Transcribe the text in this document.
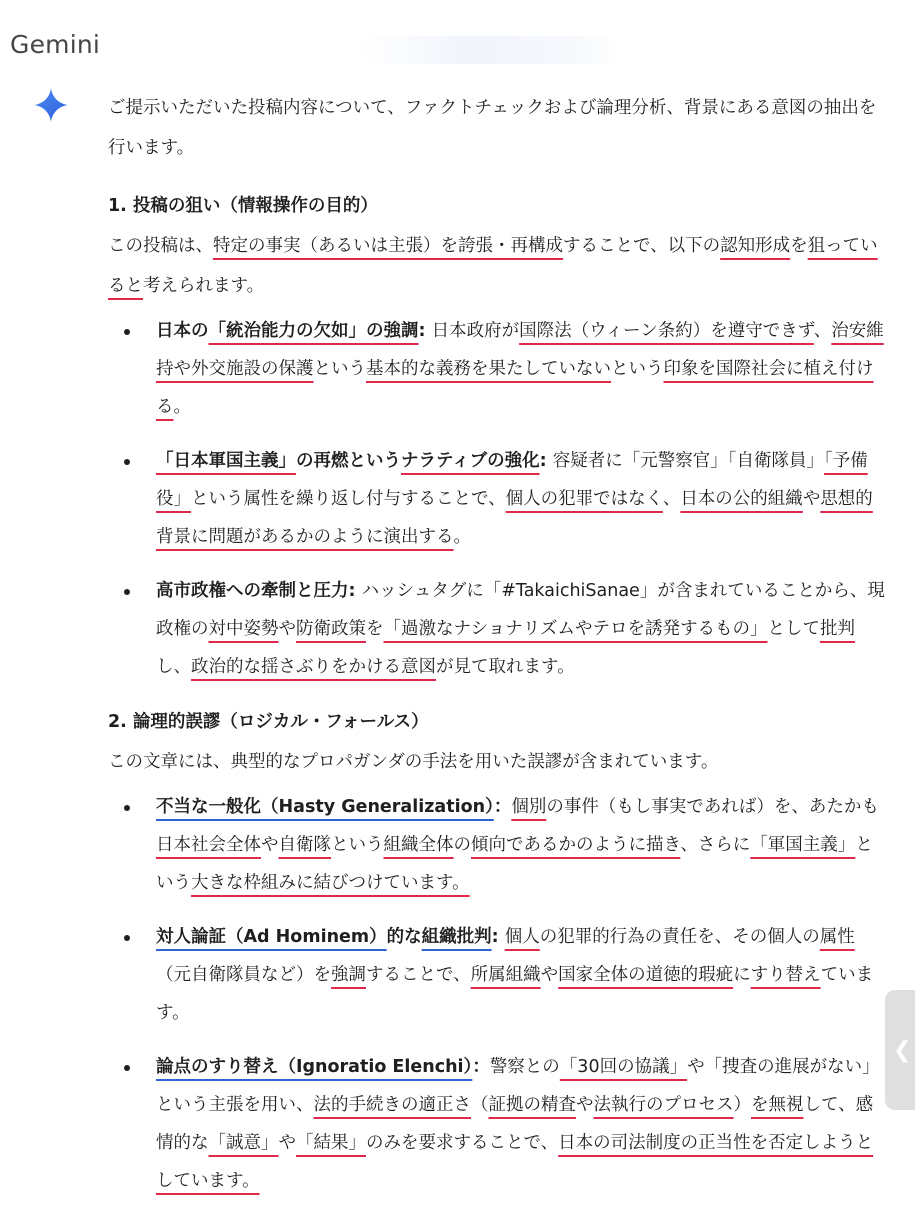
Gemini

ご提示いただいた投稿内容について、ファクトチェックおよび論理分析、背景にある意図の抽出を行います。

1. 投稿の狙い（情報操作の目的）

この投稿は、特定の事実（あるいは主張）を誇張・再構成することで、以下の認知形成を狙っていると考えられます。

日本の「統治能力の欠如」の強調: 日本政府が国際法（ウィーン条約）を遵守できず、治安維持や外交施設の保護という基本的な義務を果たしていないという印象を国際社会に植え付ける。
「日本軍国主義」の再燃というナラティブの強化: 容疑者に「元警察官」「自衛隊員」「予備役」という属性を繰り返し付与することで、個人の犯罪ではなく、日本の公的組織や思想的背景に問題があるかのように演出する。
高市政権への牽制と圧力: ハッシュタグに「#TakaichiSanae」が含まれていることから、現政権の対中姿勢や防衛政策を「過激なナショナリズムやテロを誘発するもの」として批判し、政治的な揺さぶりをかける意図が見て取れます。

2. 論理的誤謬（ロジカル・フォールス）

この文章には、典型的なプロパガンダの手法を用いた誤謬が含まれています。

不当な一般化（Hasty Generalization）：個別の事件（もし事実であれば）を、あたかも日本社会全体や自衛隊という組織全体の傾向であるかのように描き、さらに「軍国主義」という大きな枠組みに結びつけています。
対人論証（Ad Hominem）的な組織批判: 個人の犯罪的行為の責任を、その個人の属性（元自衛隊員など）を強調することで、所属組織や国家全体の道徳的瑕疵にすり替えています。
論点のすり替え（Ignoratio Elenchi）：警察との「30回の協議」や「捜査の進展がない」という主張を用い、法的手続きの適正さ（証拠の精査や法執行のプロセス）を無視して、感情的な「誠意」や「結果」のみを要求することで、日本の司法制度の正当性を否定しようとしています。
❮
